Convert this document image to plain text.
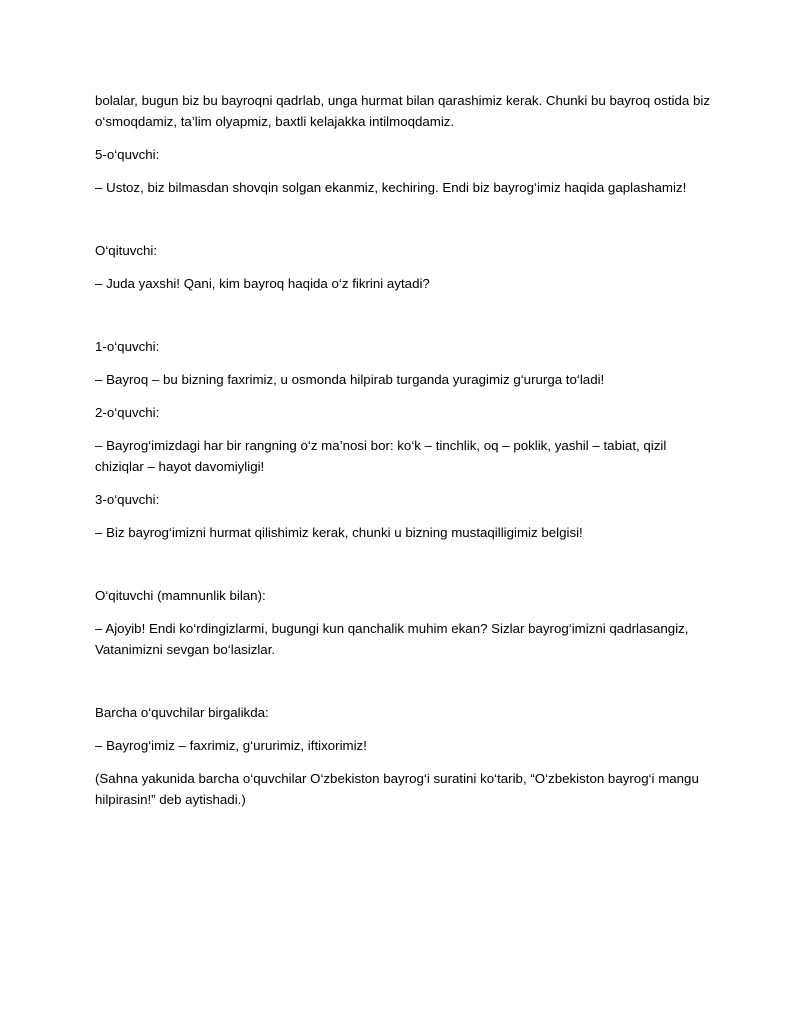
bolalar, bugun biz bu bayroqni qadrlab, unga hurmat bilan qarashimiz kerak. Chunki bu bayroq ostida biz o‘smoqdamiz, ta’lim olyapmiz, baxtli kelajakka intilmoqdamiz.

5-o‘quvchi:

– Ustoz, biz bilmasdan shovqin solgan ekanmiz, kechiring. Endi biz bayrog‘imiz haqida gaplashamiz!

O‘qituvchi:

– Juda yaxshi! Qani, kim bayroq haqida o‘z fikrini aytadi?

1-o‘quvchi:

– Bayroq – bu bizning faxrimiz, u osmonda hilpirab turganda yuragimiz g‘ururga to‘ladi!

2-o‘quvchi:

– Bayrog‘imizdagi har bir rangning o‘z ma’nosi bor: ko‘k – tinchlik, oq – poklik, yashil – tabiat, qizil chiziqlar – hayot davomiyligi!

3-o‘quvchi:

– Biz bayrog‘imizni hurmat qilishimiz kerak, chunki u bizning mustaqilligimiz belgisi!

O‘qituvchi (mamnunlik bilan):

– Ajoyib! Endi ko‘rdingizlarmi, bugungi kun qanchalik muhim ekan? Sizlar bayrog‘imizni qadrlasangiz, Vatanimizni sevgan bo‘lasizlar.

Barcha o‘quvchilar birgalikda:

– Bayrog‘imiz – faxrimiz, g‘ururimiz, iftixorimiz!

(Sahna yakunida barcha o‘quvchilar O‘zbekiston bayrog‘i suratini ko‘tarib, “O‘zbekiston bayrog‘i mangu hilpirasin!” deb aytishadi.)
